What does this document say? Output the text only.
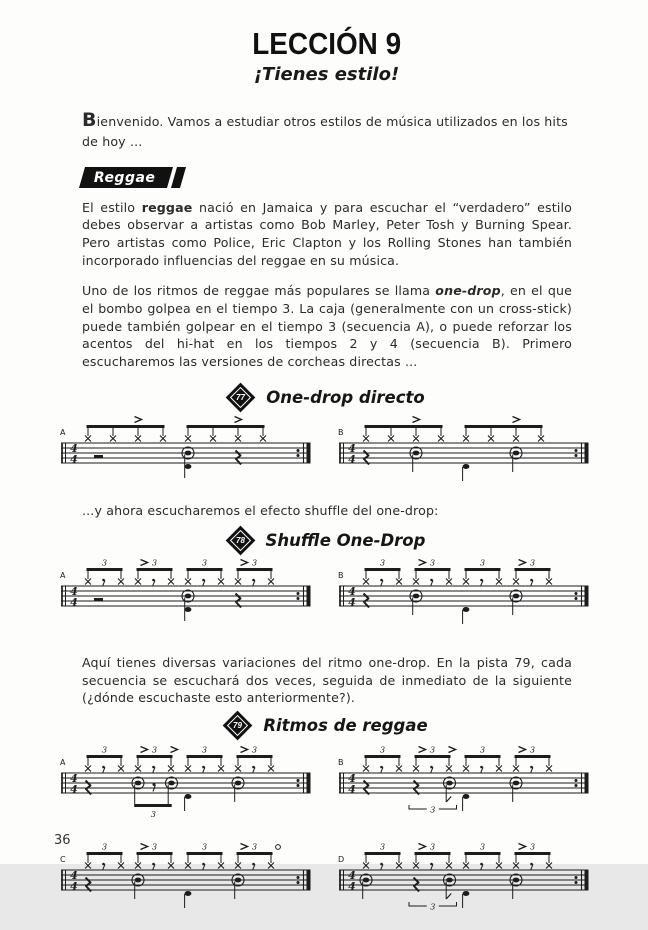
LECCIÓN 9
¡Tienes estilo!

Bienvenido. Vamos a estudiar otros estilos de música utilizados en los hits de hoy ...

Reggae

El estilo reggae nació en Jamaica y para escuchar el “verdadero” estilo debes observar a artistas como Bob Marley, Peter Tosh y Burning Spear. Pero artistas como Police, Eric Clapton y los Rolling Stones han también incorporado influencias del reggae en su música.

Uno de los ritmos de reggae más populares se llama one-drop, en el que el bombo golpea en el tiempo 3. La caja (generalmente con un cross-stick) puede también golpear en el tiempo 3 (secuencia A), o puede reforzar los acentos del hi-hat en los tiempos 2 y 4 (secuencia B). Primero escucharemos las versiones de corcheas directas ...

77 One-drop directo
A
4
4
B
4
4

...y ahora escucharemos el efecto shuffle del one-drop:

78 Shuffle One-Drop
A
4
4
3	3	3	3
B
4
4
3	3	3	3

Aquí tienes diversas variaciones del ritmo one-drop. En la pista 79, cada secuencia se escuchará dos veces, seguida de inmediato de la siguiente (¿dónde escuchaste esto anteriormente?).

79 Ritmos de reggae
A
4
4
3	3	3	3
3
B
4
4
3	3	3	3
3
C
4
4
3	3	3	3
D
4
4
3	3	3	3
3
36
